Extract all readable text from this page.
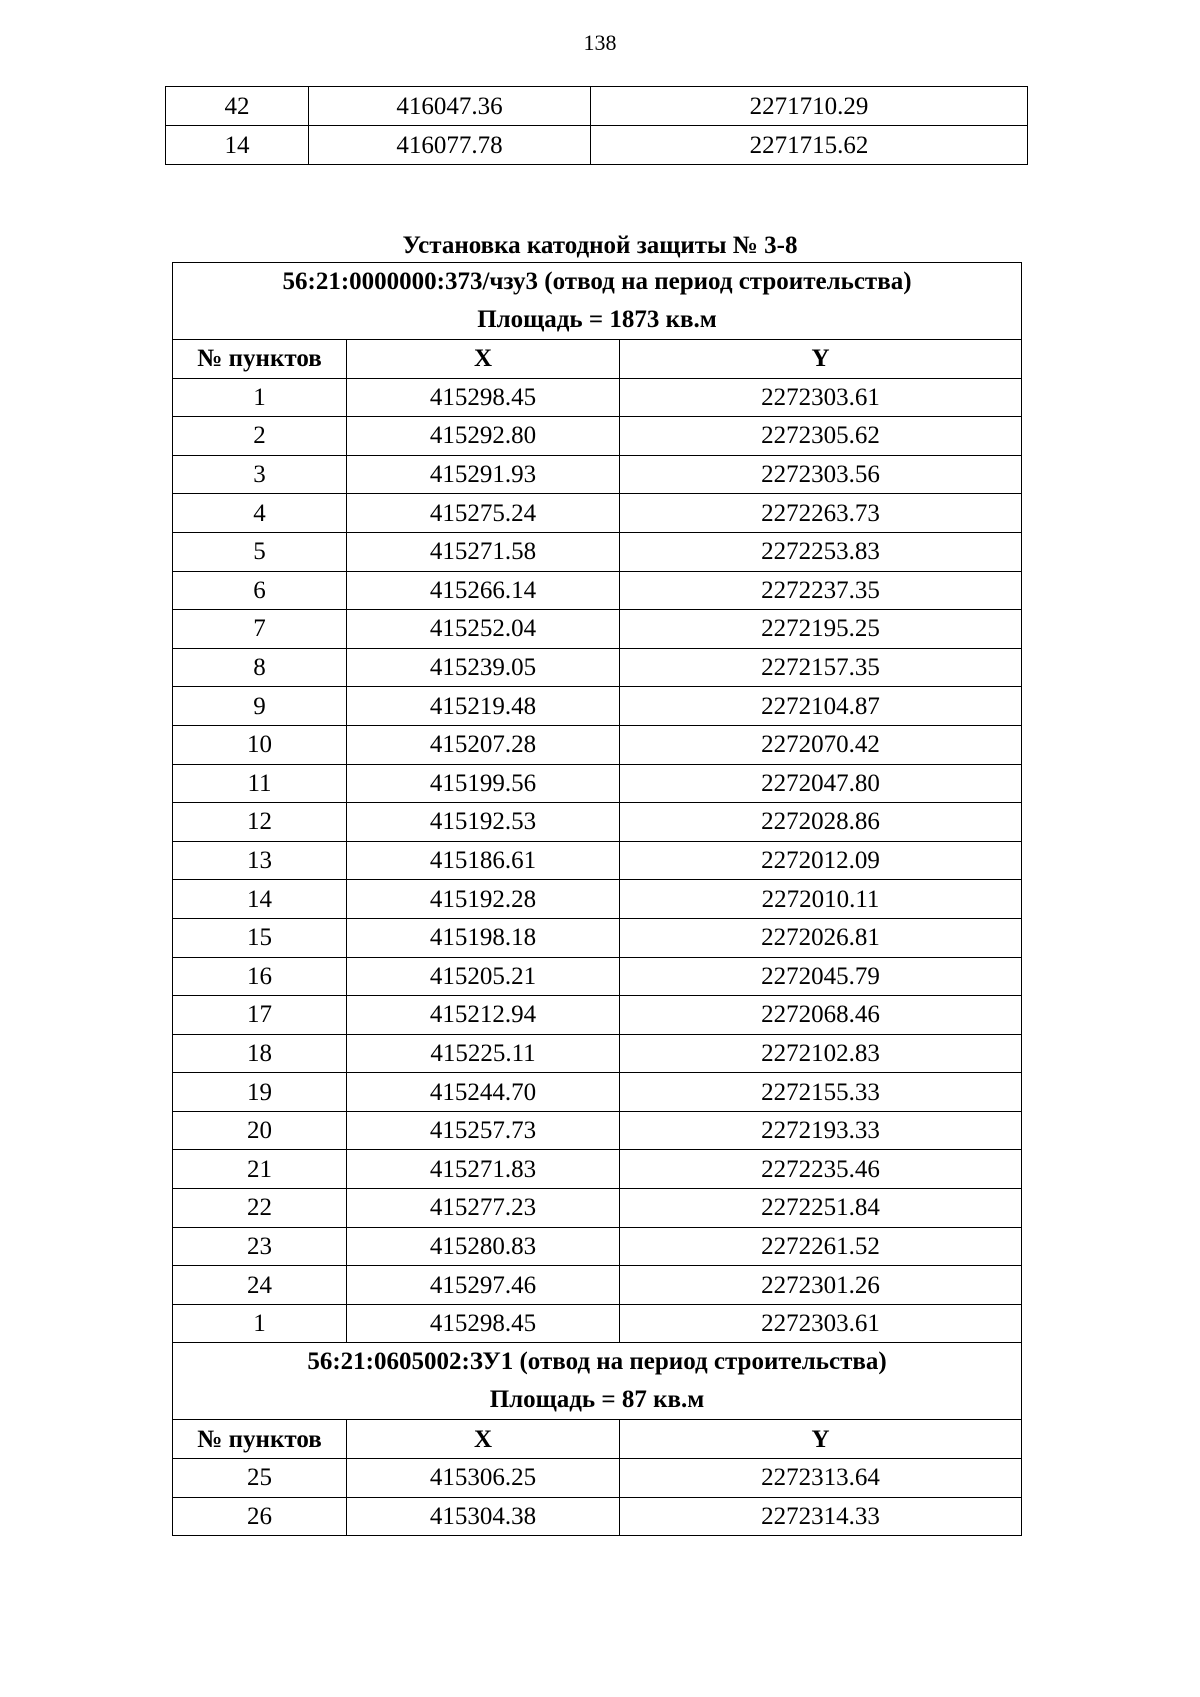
138
42	416047.36	2271710.29
14	416077.78	2271715.62
Установка катодной защиты № 3-8
56:21:0000000:373/чзу3 (отвод на период строительства)
Площадь = 1873 кв.м		

№ пунктов	X	Y
1	415298.45	2272303.61
2	415292.80	2272305.62
3	415291.93	2272303.56
4	415275.24	2272263.73
5	415271.58	2272253.83
6	415266.14	2272237.35
7	415252.04	2272195.25
8	415239.05	2272157.35
9	415219.48	2272104.87
10	415207.28	2272070.42
11	415199.56	2272047.80
12	415192.53	2272028.86
13	415186.61	2272012.09
14	415192.28	2272010.11
15	415198.18	2272026.81
16	415205.21	2272045.79
17	415212.94	2272068.46
18	415225.11	2272102.83
19	415244.70	2272155.33
20	415257.73	2272193.33
21	415271.83	2272235.46
22	415277.23	2272251.84
23	415280.83	2272261.52
24	415297.46	2272301.26
1	415298.45	2272303.61

56:21:0605002:ЗУ1 (отвод на период строительства)
Площадь = 87 кв.м		

№ пунктов	X	Y
25	415306.25	2272313.64
26	415304.38	2272314.33
